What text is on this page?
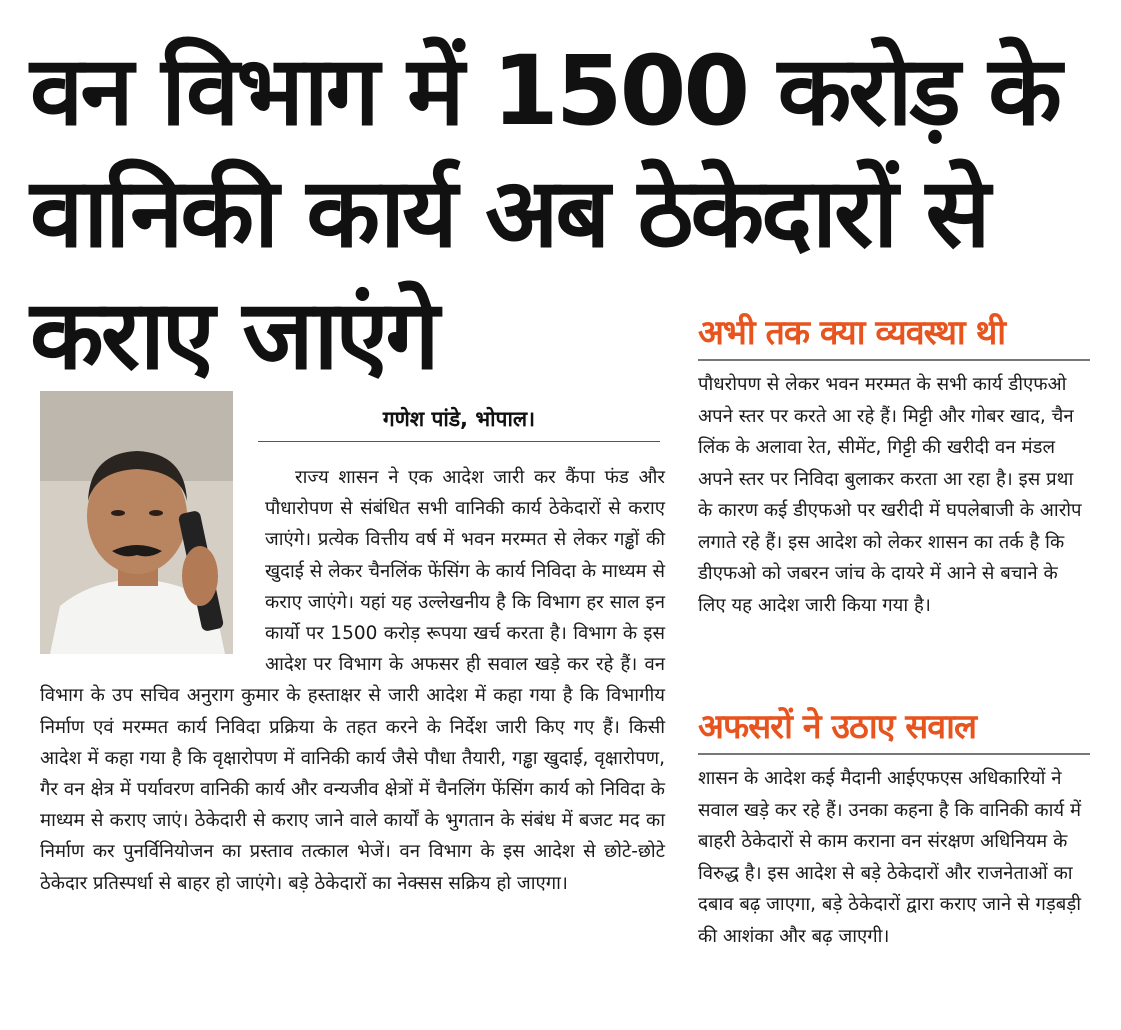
वन विभाग में 1500 करोड़ के
वानिकी कार्य अब ठेकेदारों से
कराए जाएंगे
गणेश पांडे, भोपाल।

राज्य शासन ने एक आदेश जारी कर कैंपा फंड और पौधारोपण से संबंधित सभी वानिकी कार्य ठेकेदारों से कराए जाएंगे। प्रत्येक वित्तीय वर्ष में भवन मरम्मत से लेकर गड्ढों की खुदाई से लेकर चैनलिंक फेंसिंग के कार्य निविदा के माध्यम से कराए जाएंगे। यहां यह उल्लेखनीय है कि विभाग हर साल इन कार्यो पर 1500 करोड़ रूपया खर्च करता है। विभाग के इस आदेश पर विभाग के अफसर ही सवाल खड़े कर रहे हैं। वन विभाग के उप सचिव अनुराग कुमार के हस्ताक्षर से जारी आदेश में कहा गया है कि विभागीय निर्माण एवं मरम्मत कार्य निविदा प्रक्रिया के तहत करने के निर्देश जारी किए गए हैं। किसी आदेश में कहा गया है कि वृक्षारोपण में वानिकी कार्य जैसे पौधा तैयारी, गड्ढा खुदाई, वृक्षारोपण, गैर वन क्षेत्र में पर्यावरण वानिकी कार्य और वन्यजीव क्षेत्रों में चैनलिंग फेंसिंग कार्य को निविदा के माध्यम से कराए जाएं। ठेकेदारी से कराए जाने वाले कार्यों के भुगतान के संबंध में बजट मद का निर्माण कर पुनर्विनियोजन का प्रस्ताव तत्काल भेजें। वन विभाग के इस आदेश से छोटे-छोटे ठेकेदार प्रतिस्पर्धा से बाहर हो जाएंगे। बड़े ठेकेदारों का नेक्सस सक्रिय हो जाएगा।

अभी तक क्या व्यवस्था थी

पौधरोपण से लेकर भवन मरम्मत के सभी कार्य डीएफओ अपने स्तर पर करते आ रहे हैं। मिट्टी और गोबर खाद, चैन लिंक के अलावा रेत, सीमेंट, गिट्टी की खरीदी वन मंडल अपने स्तर पर निविदा बुलाकर करता आ रहा है। इस प्रथा के कारण कई डीएफओ पर खरीदी में घपलेबाजी के आरोप लगाते रहे हैं। इस आदेश को लेकर शासन का तर्क है कि डीएफओ को जबरन जांच के दायरे में आने से बचाने के लिए यह आदेश जारी किया गया है।

अफसरों ने उठाए सवाल

शासन के आदेश कई मैदानी आईएफएस अधिकारियों ने सवाल खड़े कर रहे हैं। उनका कहना है कि वानिकी कार्य में बाहरी ठेकेदारों से काम कराना वन संरक्षण अधिनियम के विरुद्ध है। इस आदेश से बड़े ठेकेदारों और राजनेताओं का दबाव बढ़ जाएगा, बड़े ठेकेदारों द्वारा कराए जाने से गड़बड़ी की आशंका और बढ़ जाएगी।
